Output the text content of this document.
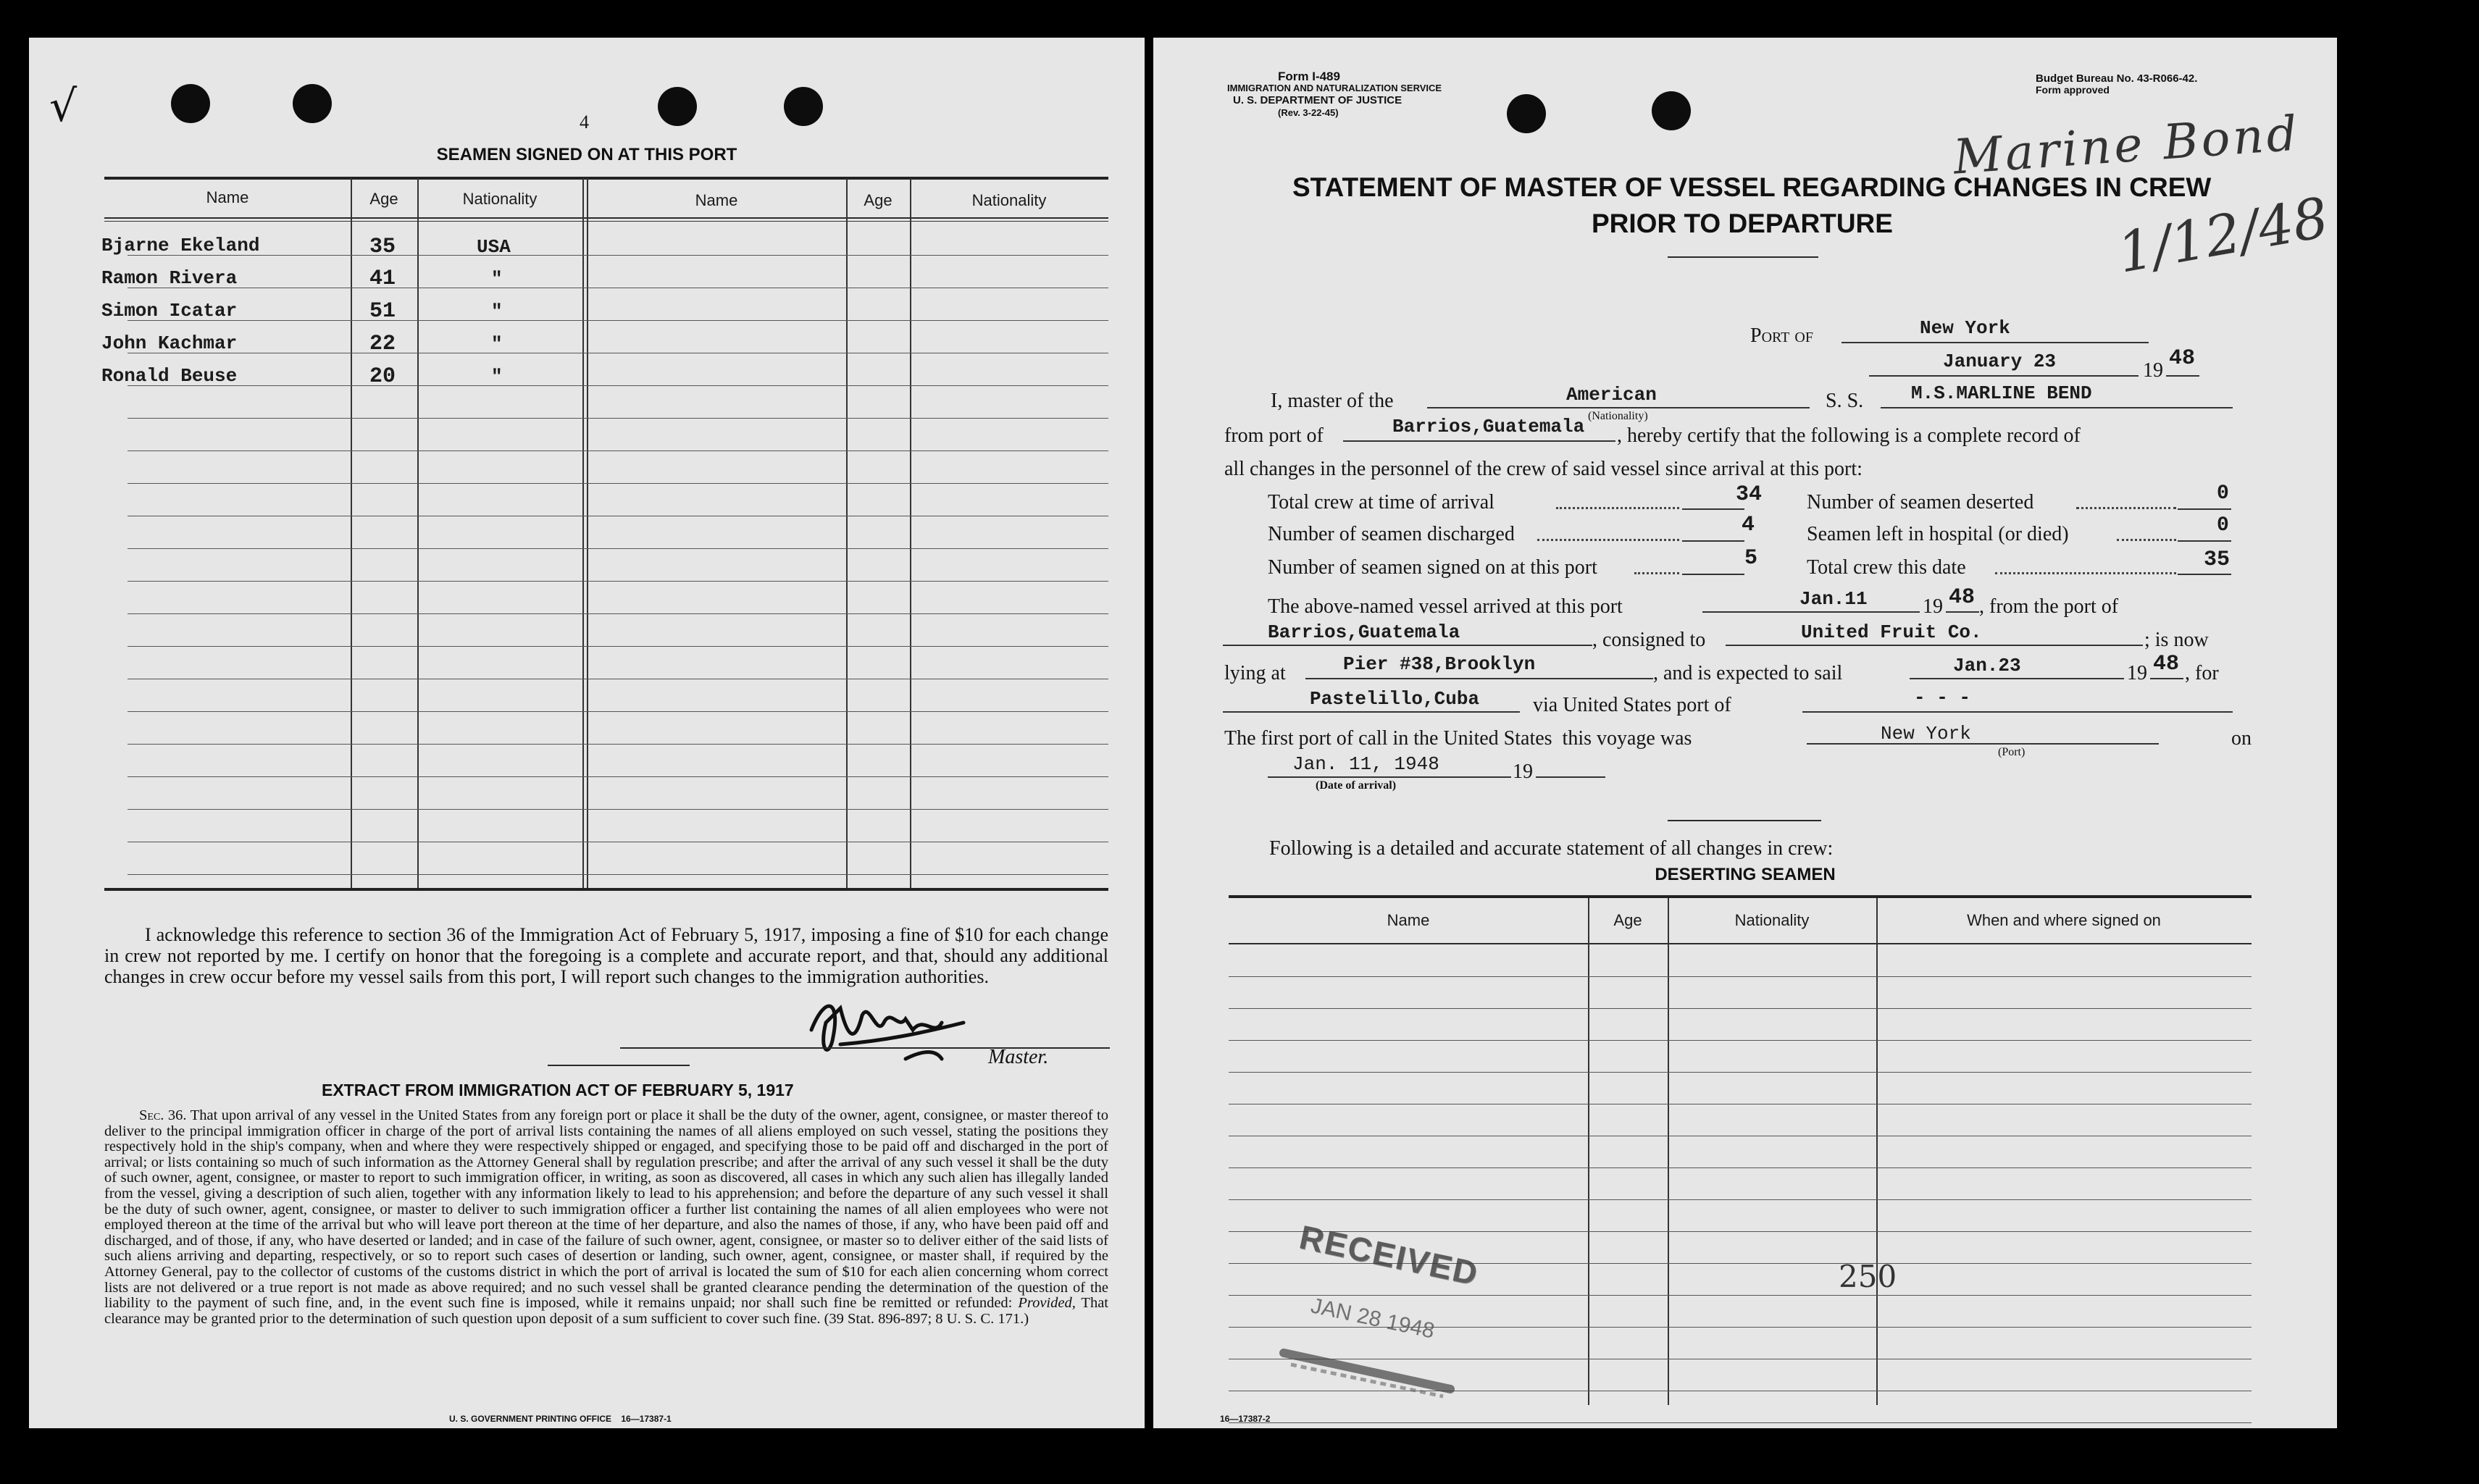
√	4
SEAMEN SIGNED ON AT THIS PORT
Name	Age	Nationality	Name	Age	Nationality
Bjarne Ekeland	35	USA
Ramon Rivera	41	"
Simon Icatar	51	"
John Kachmar	22	"
Ronald Beuse	20	"
I acknowledge this reference to section 36 of the Immigration Act of February 5, 1917, imposing a fine of $10 for each change in crew not reported by me. I certify on honor that the foregoing is a complete and accurate report, and that, should any additional changes in crew occur before my vessel sails from this port, I will report such changes to the immigration authorities.
Master.
EXTRACT FROM IMMIGRATION ACT OF FEBRUARY 5, 1917
Sec. 36. That upon arrival of any vessel in the United States from any foreign port or place it shall be the duty of the owner, agent, consignee, or master thereof to deliver to the principal immigration officer in charge of the port of arrival lists containing the names of all aliens employed on such vessel, stating the positions they respectively hold in the ship's company, when and where they were respectively shipped or engaged, and specifying those to be paid off and discharged in the port of arrival; or lists containing so much of such information as the Attorney General shall by regulation prescribe; and after the arrival of any such vessel it shall be the duty of such owner, agent, consignee, or master to report to such immigration officer, in writing, as soon as discovered, all cases in which any such alien has illegally landed from the vessel, giving a description of such alien, together with any information likely to lead to his apprehension; and before the departure of any such vessel it shall be the duty of such owner, agent, consignee, or master to deliver to such immigration officer a further list containing the names of all alien employees who were not employed thereon at the time of the arrival but who will leave port thereon at the time of her departure, and also the names of those, if any, who have been paid off and discharged, and of those, if any, who have deserted or landed; and in case of the failure of such owner, agent, consignee, or master so to deliver either of the said lists of such aliens arriving and departing, respectively, or so to report such cases of desertion or landing, such owner, agent, consignee, or master shall, if required by the Attorney General, pay to the collector of customs of the customs district in which the port of arrival is located the sum of $10 for each alien concerning whom correct lists are not delivered or a true report is not made as above required; and no such vessel shall be granted clearance pending the determination of the question of the liability to the payment of such fine, and, in the event such fine is imposed, while it remains unpaid; nor shall such fine be remitted or refunded: Provided, That clearance may be granted prior to the determination of such question upon deposit of a sum sufficient to cover such fine. (39 Stat. 896-897; 8 U. S. C. 171.)
U. S. GOVERNMENT PRINTING OFFICE    16—17387-1
Form I-489
IMMIGRATION AND NATURALIZATION SERVICE
U. S. DEPARTMENT OF JUSTICE
(Rev. 3-22-45)
Budget Bureau No. 43-R066-42.
Form approved
Marine Bond
1/12/48
STATEMENT OF MASTER OF VESSEL REGARDING CHANGES IN CREW
PRIOR TO DEPARTURE
Port of	New York
January 23	19 48
I, master of the	American
(Nationality)
S. S.	M.S.MARLINE BEND
from port of	Barrios,Guatemala , hereby certify that the following is a complete record of
all changes in the personnel of the crew of said vessel since arrival at this port:
Total crew at time of arrival	34
Number of seamen discharged	4
Number of seamen signed on at this port	5
Number of seamen deserted	0
Seamen left in hospital (or died)	0
Total crew this date	35
The above-named vessel arrived at this port	Jan.11	19 48 , from the port of
Barrios,Guatemala	, consigned to	United Fruit Co.	; is now
lying at	Pier #38,Brooklyn	, and is expected to sail	Jan.23	19 48 , for
Pastelillo,Cuba	via United States port of	- - -
The first port of call in the United States  this voyage was	New York
(Port)
on
Jan. 11, 1948	19
(Date of arrival)
Following is a detailed and accurate statement of all changes in crew:
DESERTING SEAMEN
Name	Age	Nationality	When and where signed on
RECEIVED
JAN 28 1948
250
16—17387-2
